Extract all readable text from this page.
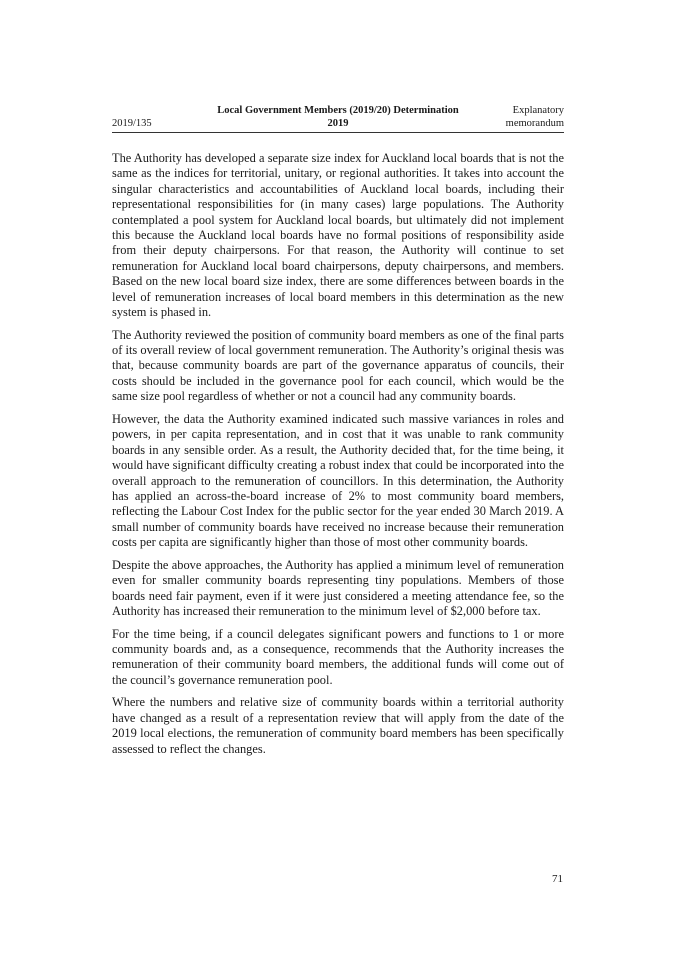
2019/135
Local Government Members (2019/20) Determination
2019
Explanatory
memorandum

The Authority has developed a separate size index for Auckland local boards that is not the same as the indices for territorial, unitary, or regional authorities. It takes into account the singular characteristics and accountabilities of Auckland local boards, including their representational responsibilities for (in many cases) large populations. The Authority contemplated a pool system for Auckland local boards, but ultimately did not implement this because the Auckland local boards have no formal positions of responsibility aside from their deputy chairpersons. For that reason, the Authority will continue to set remuneration for Auckland local board chairpersons, deputy chairpersons, and members. Based on the new local board size index, there are some differences between boards in the level of remuneration increases of local board members in this determination as the new system is phased in.

The Authority reviewed the position of community board members as one of the final parts of its overall review of local government remuneration. The Authority’s original thesis was that, because community boards are part of the governance apparatus of councils, their costs should be included in the governance pool for each council, which would be the same size pool regardless of whether or not a council had any community boards.

However, the data the Authority examined indicated such massive variances in roles and powers, in per capita representation, and in cost that it was unable to rank community boards in any sensible order. As a result, the Authority decided that, for the time being, it would have significant difficulty creating a robust index that could be incorporated into the overall approach to the remuneration of councillors. In this determination, the Authority has applied an across-the-board increase of 2% to most community board members, reflecting the Labour Cost Index for the public sector for the year ended 30 March 2019. A small number of community boards have received no increase because their remuneration costs per capita are significantly higher than those of most other community boards.

Despite the above approaches, the Authority has applied a minimum level of remuneration even for smaller community boards representing tiny populations. Members of those boards need fair payment, even if it were just considered a meeting attendance fee, so the Authority has increased their remuneration to the minimum level of $2,000 before tax.

For the time being, if a council delegates significant powers and functions to 1 or more community boards and, as a consequence, recommends that the Authority increases the remuneration of their community board members, the additional funds will come out of the council’s governance remuneration pool.

Where the numbers and relative size of community boards within a territorial authority have changed as a result of a representation review that will apply from the date of the 2019 local elections, the remuneration of community board members has been specifically assessed to reflect the changes.

71
